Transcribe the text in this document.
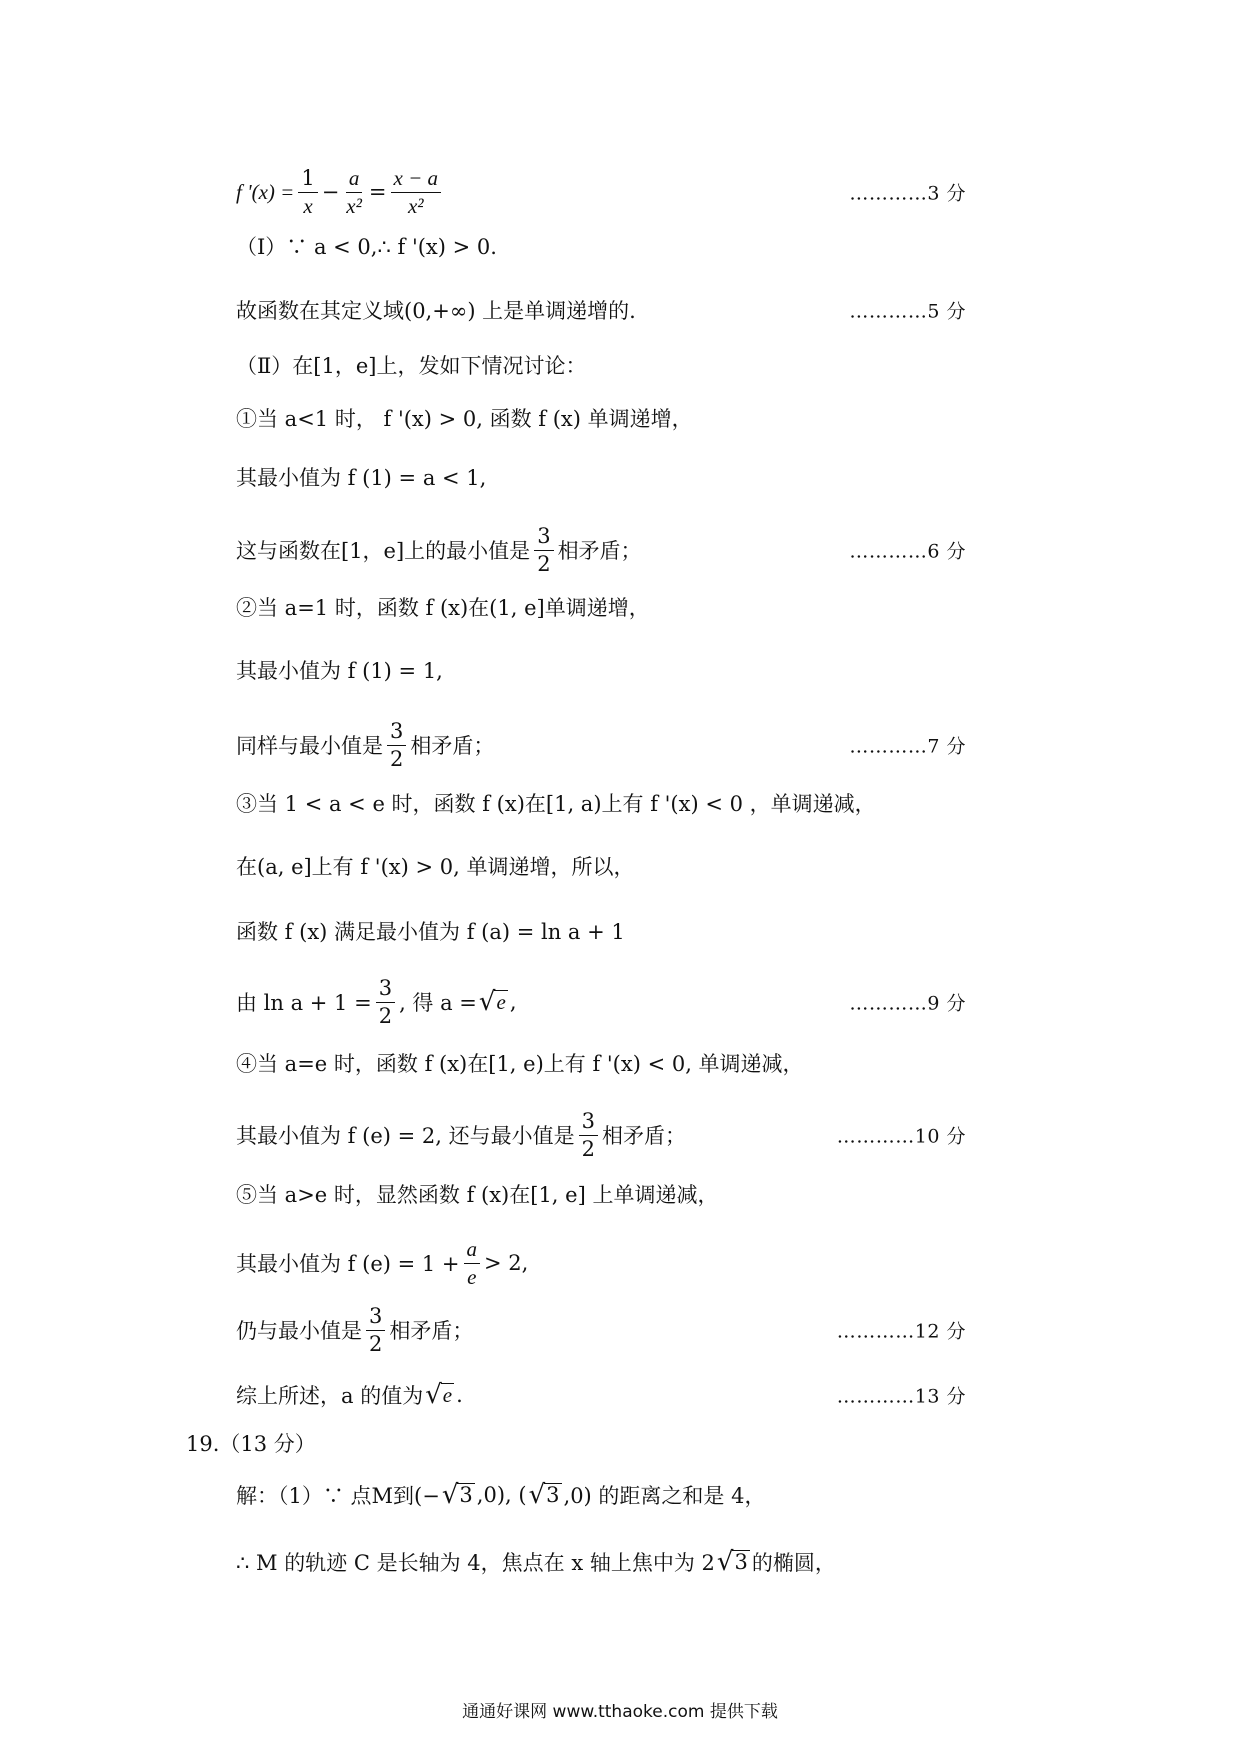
f '$(x) = \frac{1}{x} - \frac{a}{\text{x²}} = \frac{x - a}{\text{x²}}$	…………3 分
（Ⅰ）∵ a < 0,∴ f '(x) > 0.
故函数在其定义域(0,+∞) 上是单调递增的.	…………5 分
（Ⅱ）在[1，e]上，发如下情况讨论：
①当 a<1 时， f '(x) > 0, 函数 f (x) 单调递增，
其最小值为 f (1) = a < 1,
这与函数在[1，e]上的最小值是 $\frac{3}{2}$ 相矛盾；	…………6 分
②当 a=1 时，函数 f (x)在(1, e]单调递增，
其最小值为 f (1) = 1,
同样与最小值是 $\frac{3}{2}$ 相矛盾；	…………7 分
③当 1 < a < e 时，函数 f (x)在[1, a)上有 f '(x) < 0 ，单调递减，
在(a, e]上有 f '(x) > 0, 单调递增，所以，
函数 f (x) 满足最小值为 f (a) = ln a + 1
由 $\ln a + 1 = \frac{3}{2}$ , 得 a = √ e ,	…………9 分
④当 a=e 时，函数 f (x)在[1, e)上有 f '(x) < 0, 单调递减，
其最小值为 f (e) = 2, 还与最小值是 $\frac{3}{2}$ 相矛盾；	…………10 分
⑤当 a>e 时，显然函数 f (x)在[1, e] 上单调递减，
其最小值为 f $(e) = 1 + \frac{a}{e} > 2$,
仍与最小值是 $\frac{3}{2}$ 相矛盾；	…………12 分
综上所述，a 的值为 √ e .	…………13 分
19.（13 分）
解：（1）∵ 点M到(− √ 3 ,0), ( √ 3 ,0) 的距离之和是 4，
∴ M 的轨迹 C 是长轴为 4，焦点在 x 轴上焦中为 2 √ 3 的椭圆，
通通好课网 www.tthaoke.com 提供下载
